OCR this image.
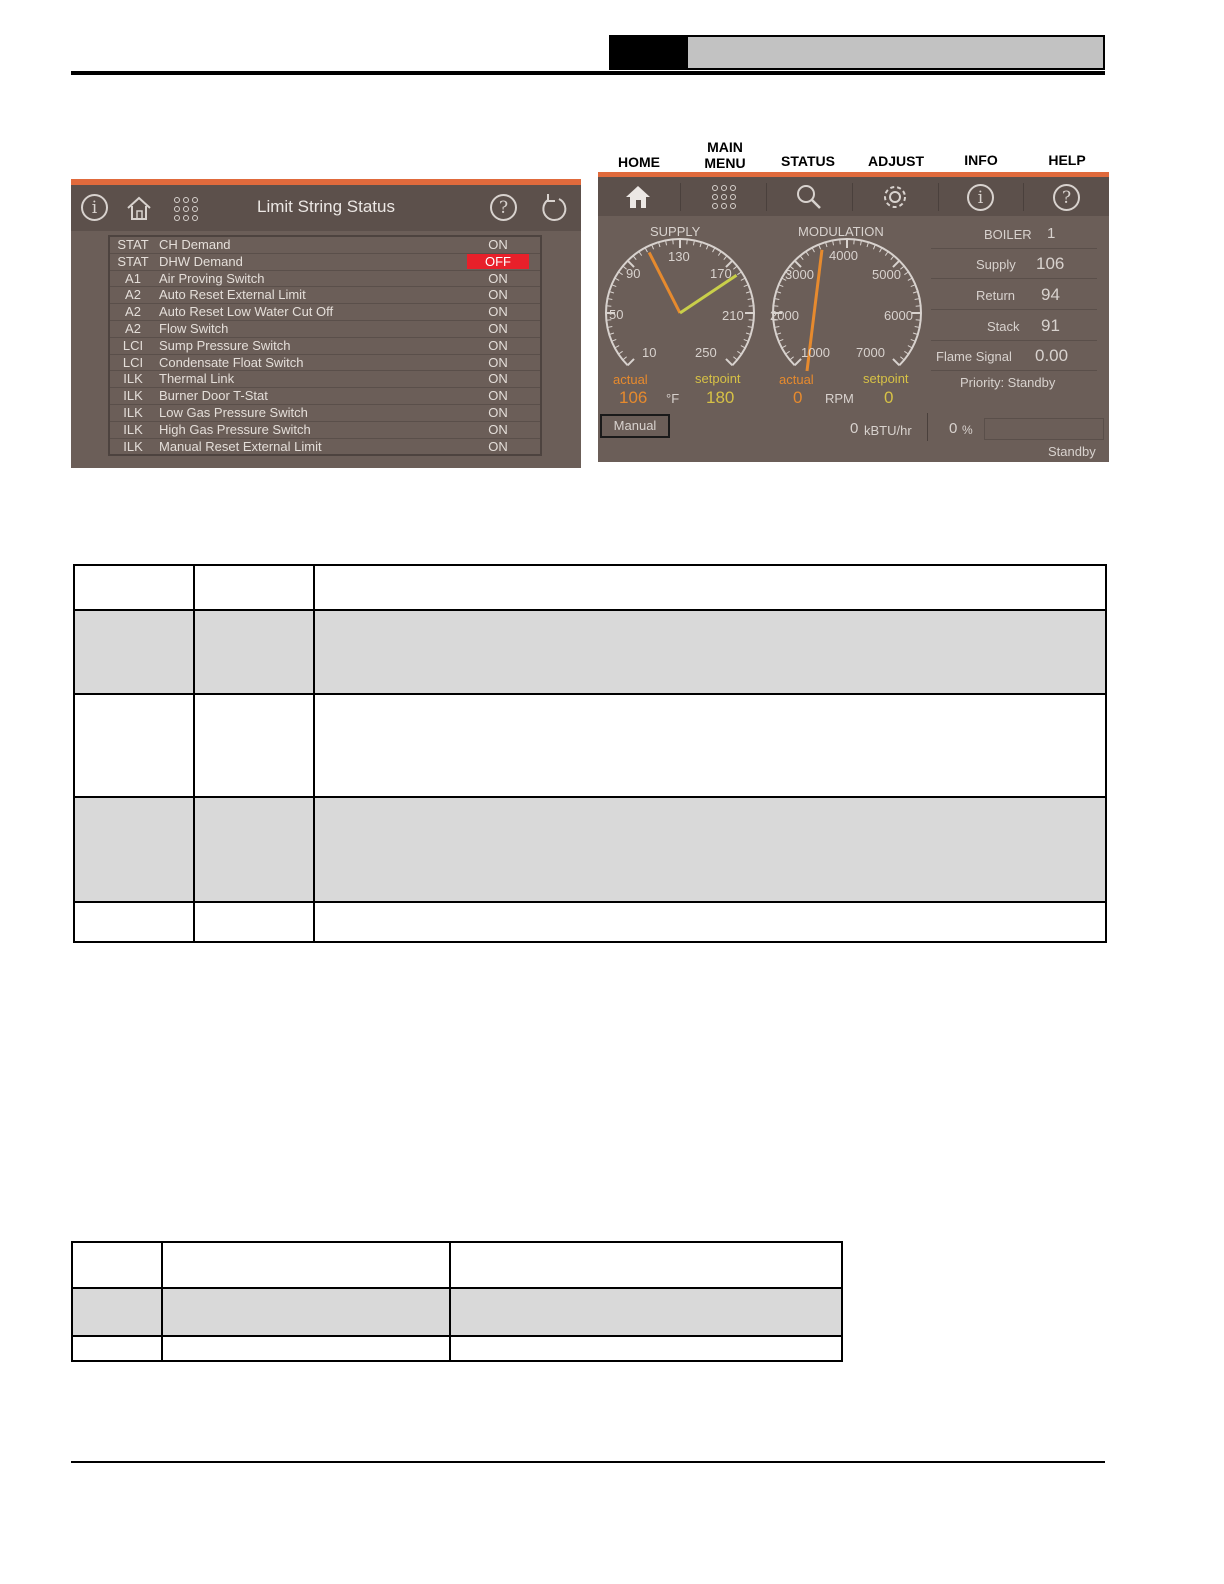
i	Limit String Status	?
STAT CH Demand	ON
STAT DHW Demand	OFF
A1	Air Proving Switch	ON
A2	Auto Reset External Limit	ON
A2	Auto Reset Low Water Cut Off	ON
A2	Flow Switch	ON
LCI	Sump Pressure Switch	ON
LCI	Condensate Float Switch	ON
ILK	Thermal Link	ON
ILK	Burner Door T-Stat	ON
ILK	Low Gas Pressure Switch	ON
ILK	High Gas Pressure Switch	ON
ILK	Manual Reset External Limit	ON
HOME
MAIN
MENU	STATUS	ADJUST	INFO	HELP
i	?
SUPPLY
10
50
90
130
170
210
250
actual	setpoint
106 °F 180
MODULATION
1000
2000
3000
4000
5000
6000
7000
actual	setpoint
0 RPM 0
BOILER 1
Supply 106
Return 94
Stack 91
Flame Signal 0.00
Priority: Standby
Manual	0 kBTU/hr 0 %
Standby
